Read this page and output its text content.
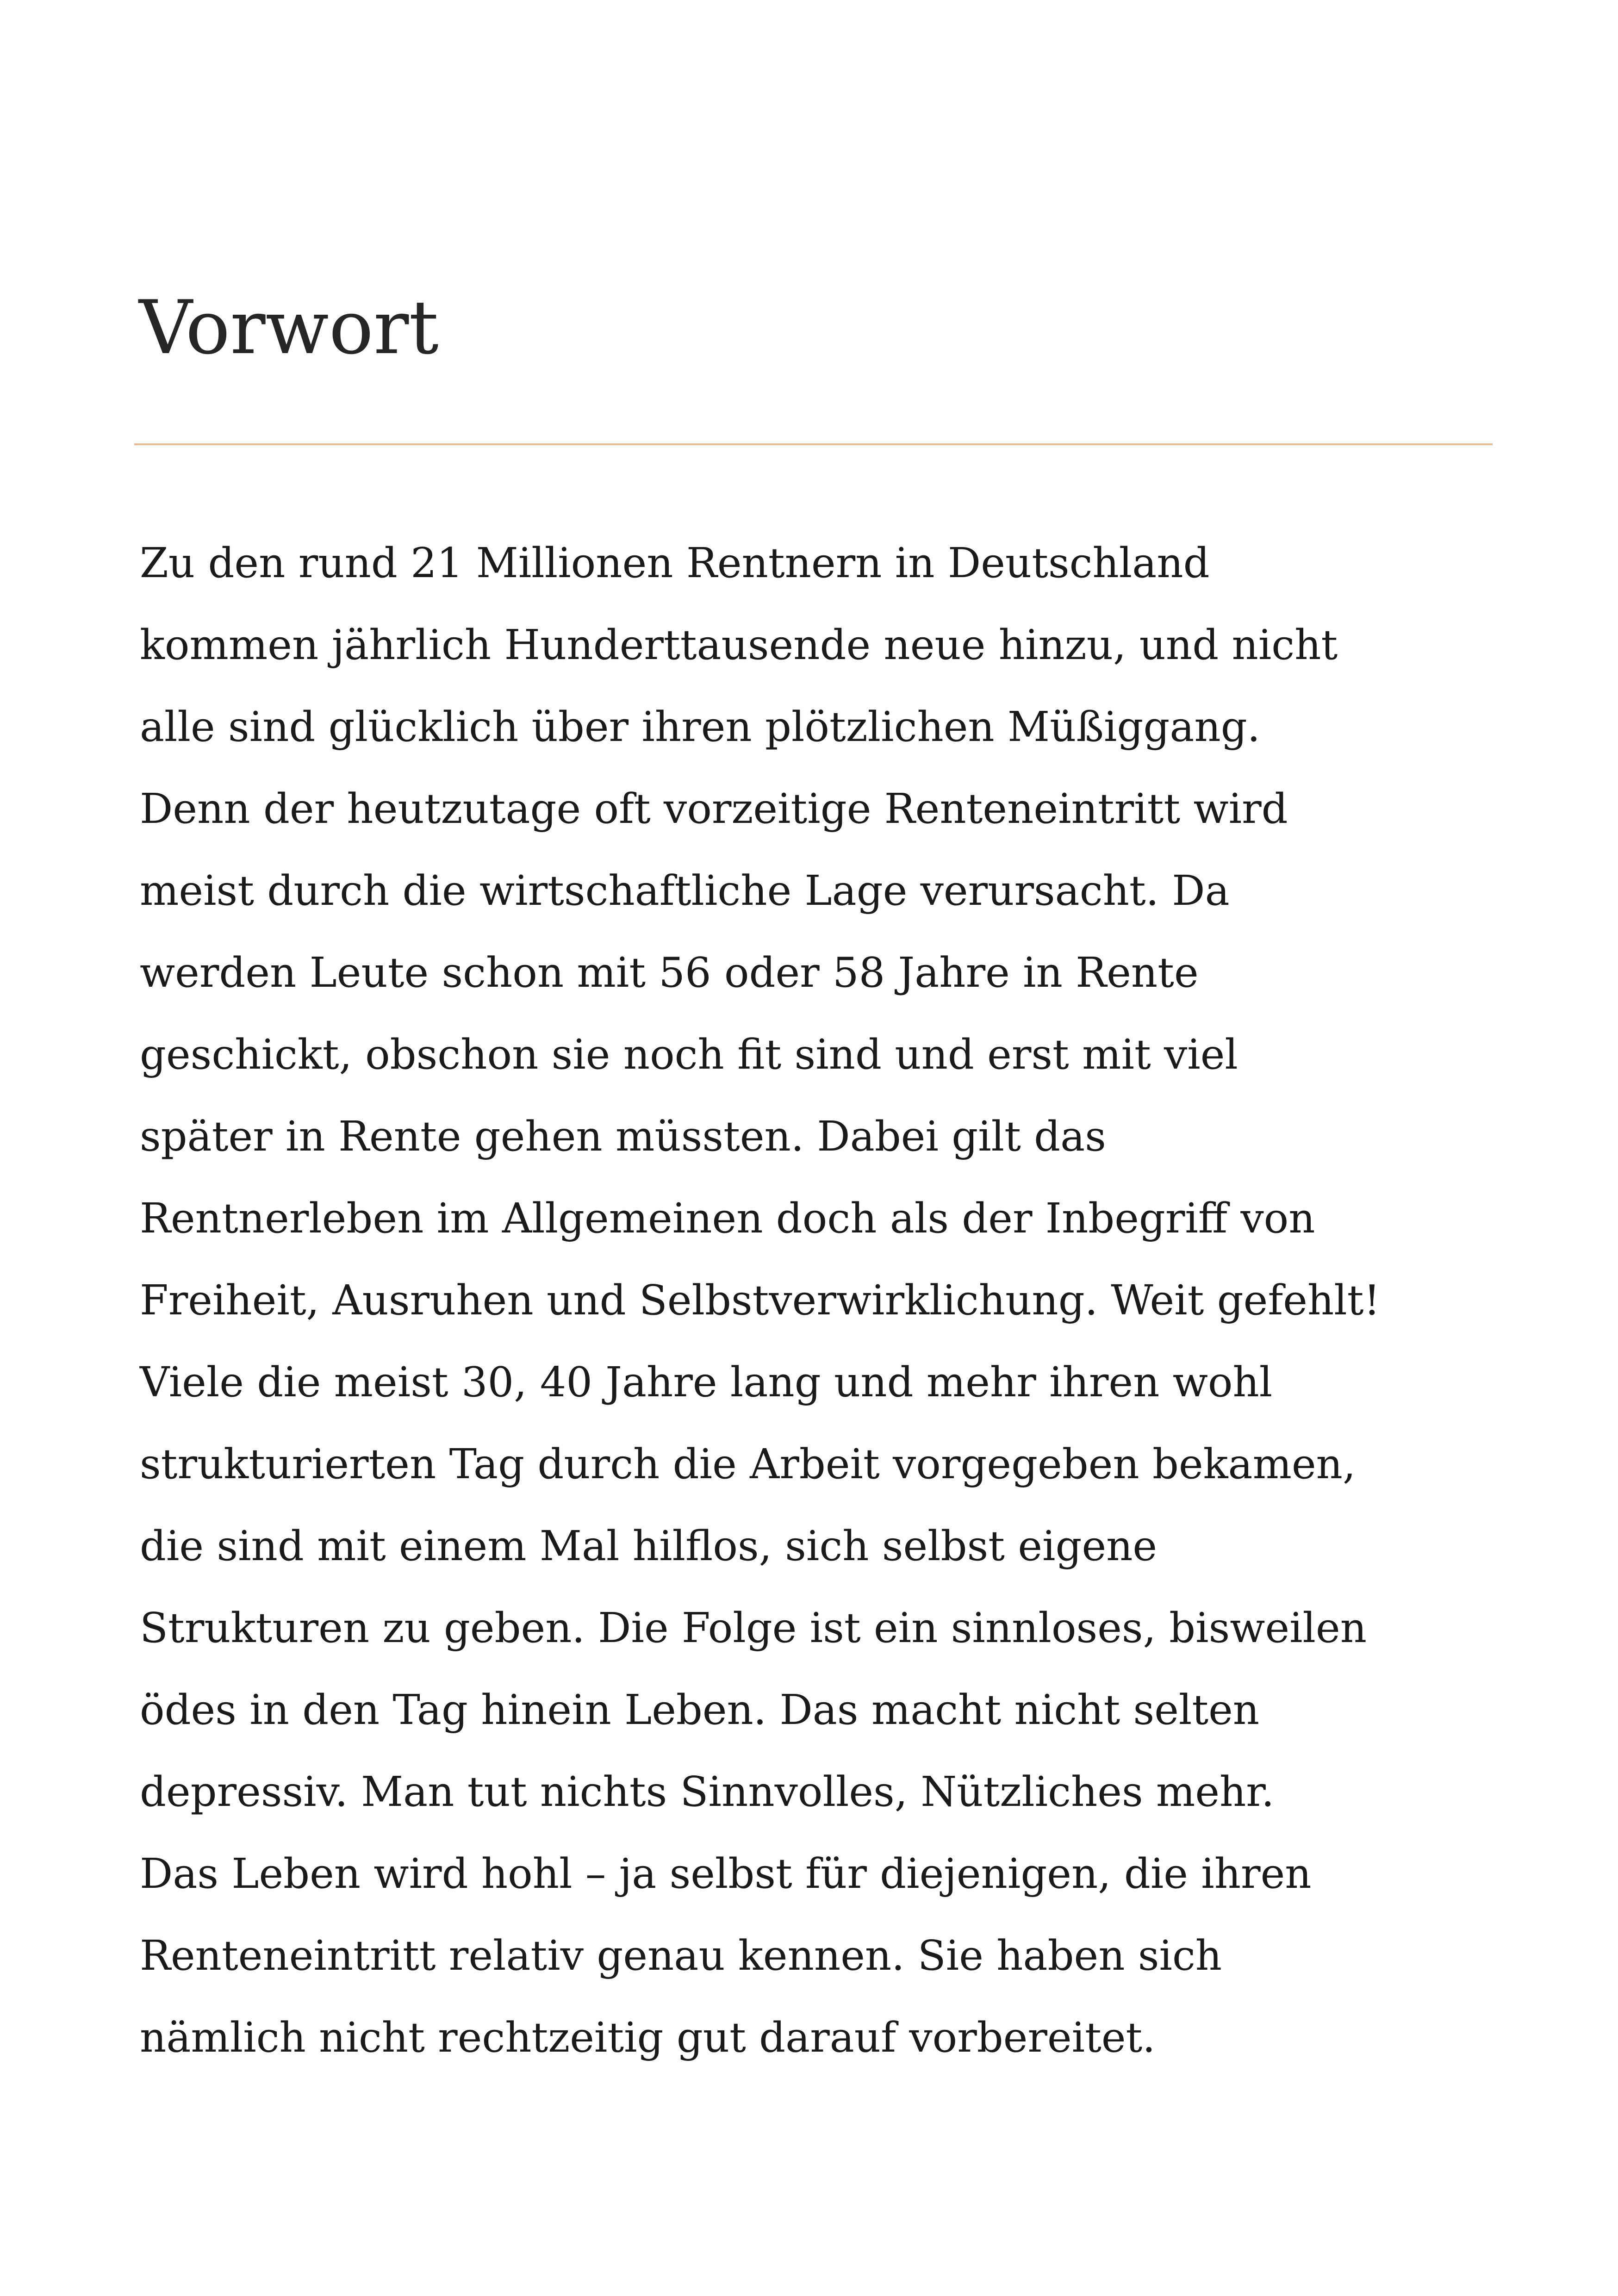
Vorwort
Zu den rund 21 Millionen Rentnern in Deutschland
kommen jährlich Hunderttausende neue hinzu, und nicht
alle sind glücklich über ihren plötzlichen Müßiggang.
Denn der heutzutage oft vorzeitige Renteneintritt wird
meist durch die wirtschaftliche Lage verursacht. Da
werden Leute schon mit 56 oder 58 Jahre in Rente
geschickt, obschon sie noch fit sind und erst mit viel
später in Rente gehen müssten. Dabei gilt das
Rentnerleben im Allgemeinen doch als der Inbegriff von
Freiheit, Ausruhen und Selbstverwirklichung. Weit gefehlt!
Viele die meist 30, 40 Jahre lang und mehr ihren wohl
strukturierten Tag durch die Arbeit vorgegeben bekamen,
die sind mit einem Mal hilflos, sich selbst eigene
Strukturen zu geben. Die Folge ist ein sinnloses, bisweilen
ödes in den Tag hinein Leben. Das macht nicht selten
depressiv. Man tut nichts Sinnvolles, Nützliches mehr.
Das Leben wird hohl – ja selbst für diejenigen, die ihren
Renteneintritt relativ genau kennen. Sie haben sich
nämlich nicht rechtzeitig gut darauf vorbereitet.
